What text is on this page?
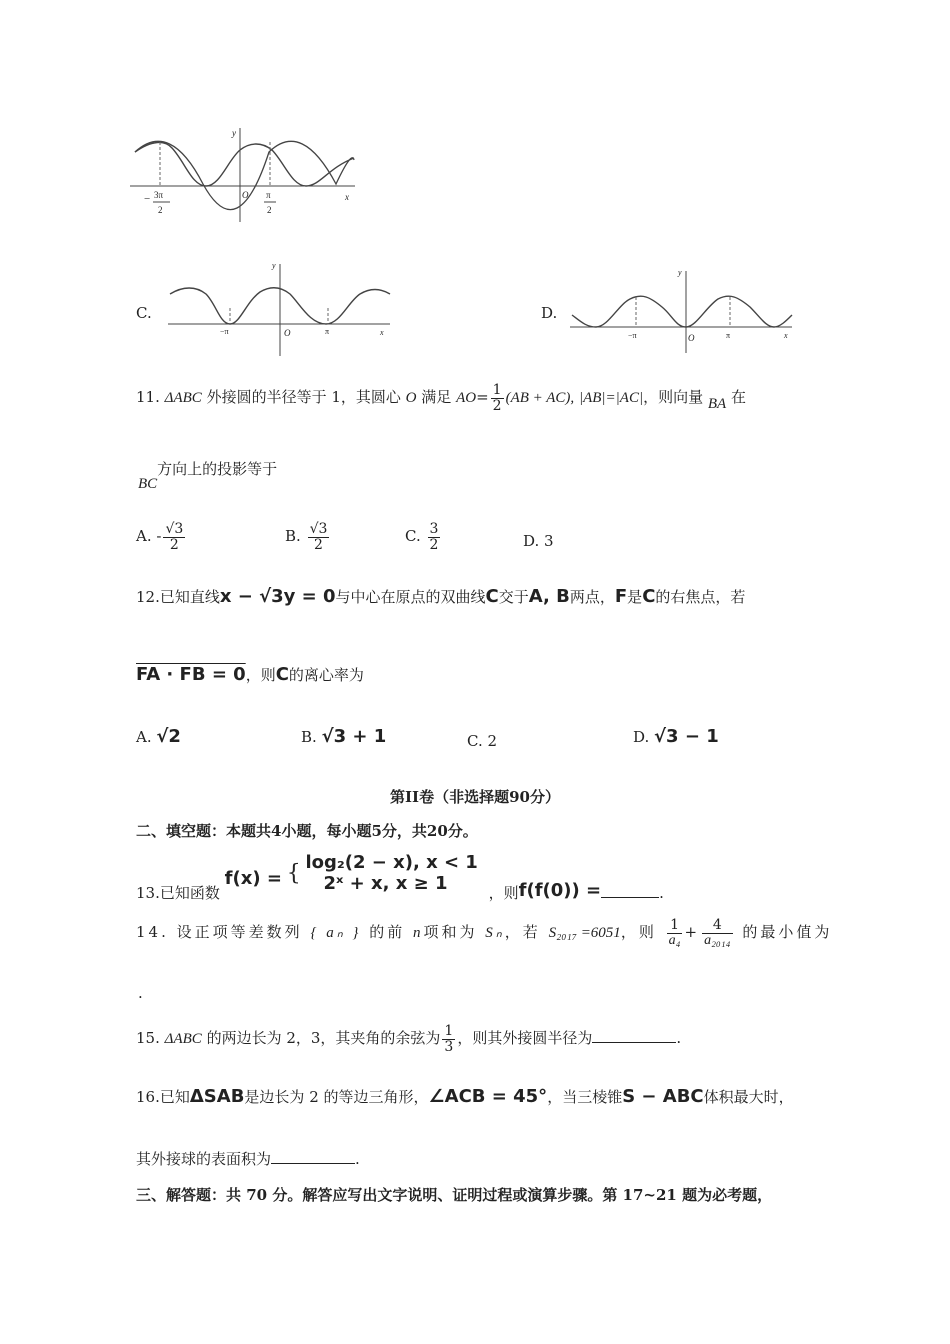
y
x
O
− 3π
2
π
2
C.
y
x
O
−π	π
D.
y
x
O
−π	π
11. ΔABC 外接圆的半径等于 1，其圆心 O 满足 $AO= \frac{1}{2} (AB + AC)$, |AB|=|AC|，则向量 BA 在
BC方向上的投影等于
A. - $\frac{√3}{2}$	B. $\frac{√3}{2}$	C. $\frac{3}{2}$	D. 3
12.已知直线x − √3y = 0与中心在原点的双曲线C交于A, B两点，F是C的右焦点，若
FA · FB = 0，则C的离心率为
A. √2	B. √3 + 1	C. 2	D. √3 − 1
第II卷（非选择题90分）
二、填空题：本题共4小题，每小题5分，共20分。
13.已知函数 f(x) = { log₂(2 − x), x < 1
2ˣ + x, x ≥ 1	，则f(f(0)) =	.
14. 设正项等差数列 { aₙ } 的前 n项和为 Sₙ，若 S₂₀₁₇ =6051，则 $\frac{1}{\text{a₄}} + \frac{4}{\text{a₂₀₁₄}}$ 的最小值为
.
15. ΔABC 的两边长为 2，3，其夹角的余弦为 $\frac{1}{3}$ ，则其外接圆半径为	.
16.已知ΔSAB是边长为 2 的等边三角形，∠ACB = 45°，当三棱锥S − ABC体积最大时，
其外接球的表面积为	.
三、解答题：共 70 分。解答应写出文字说明、证明过程或演算步骤。第 17~21 题为必考题，
